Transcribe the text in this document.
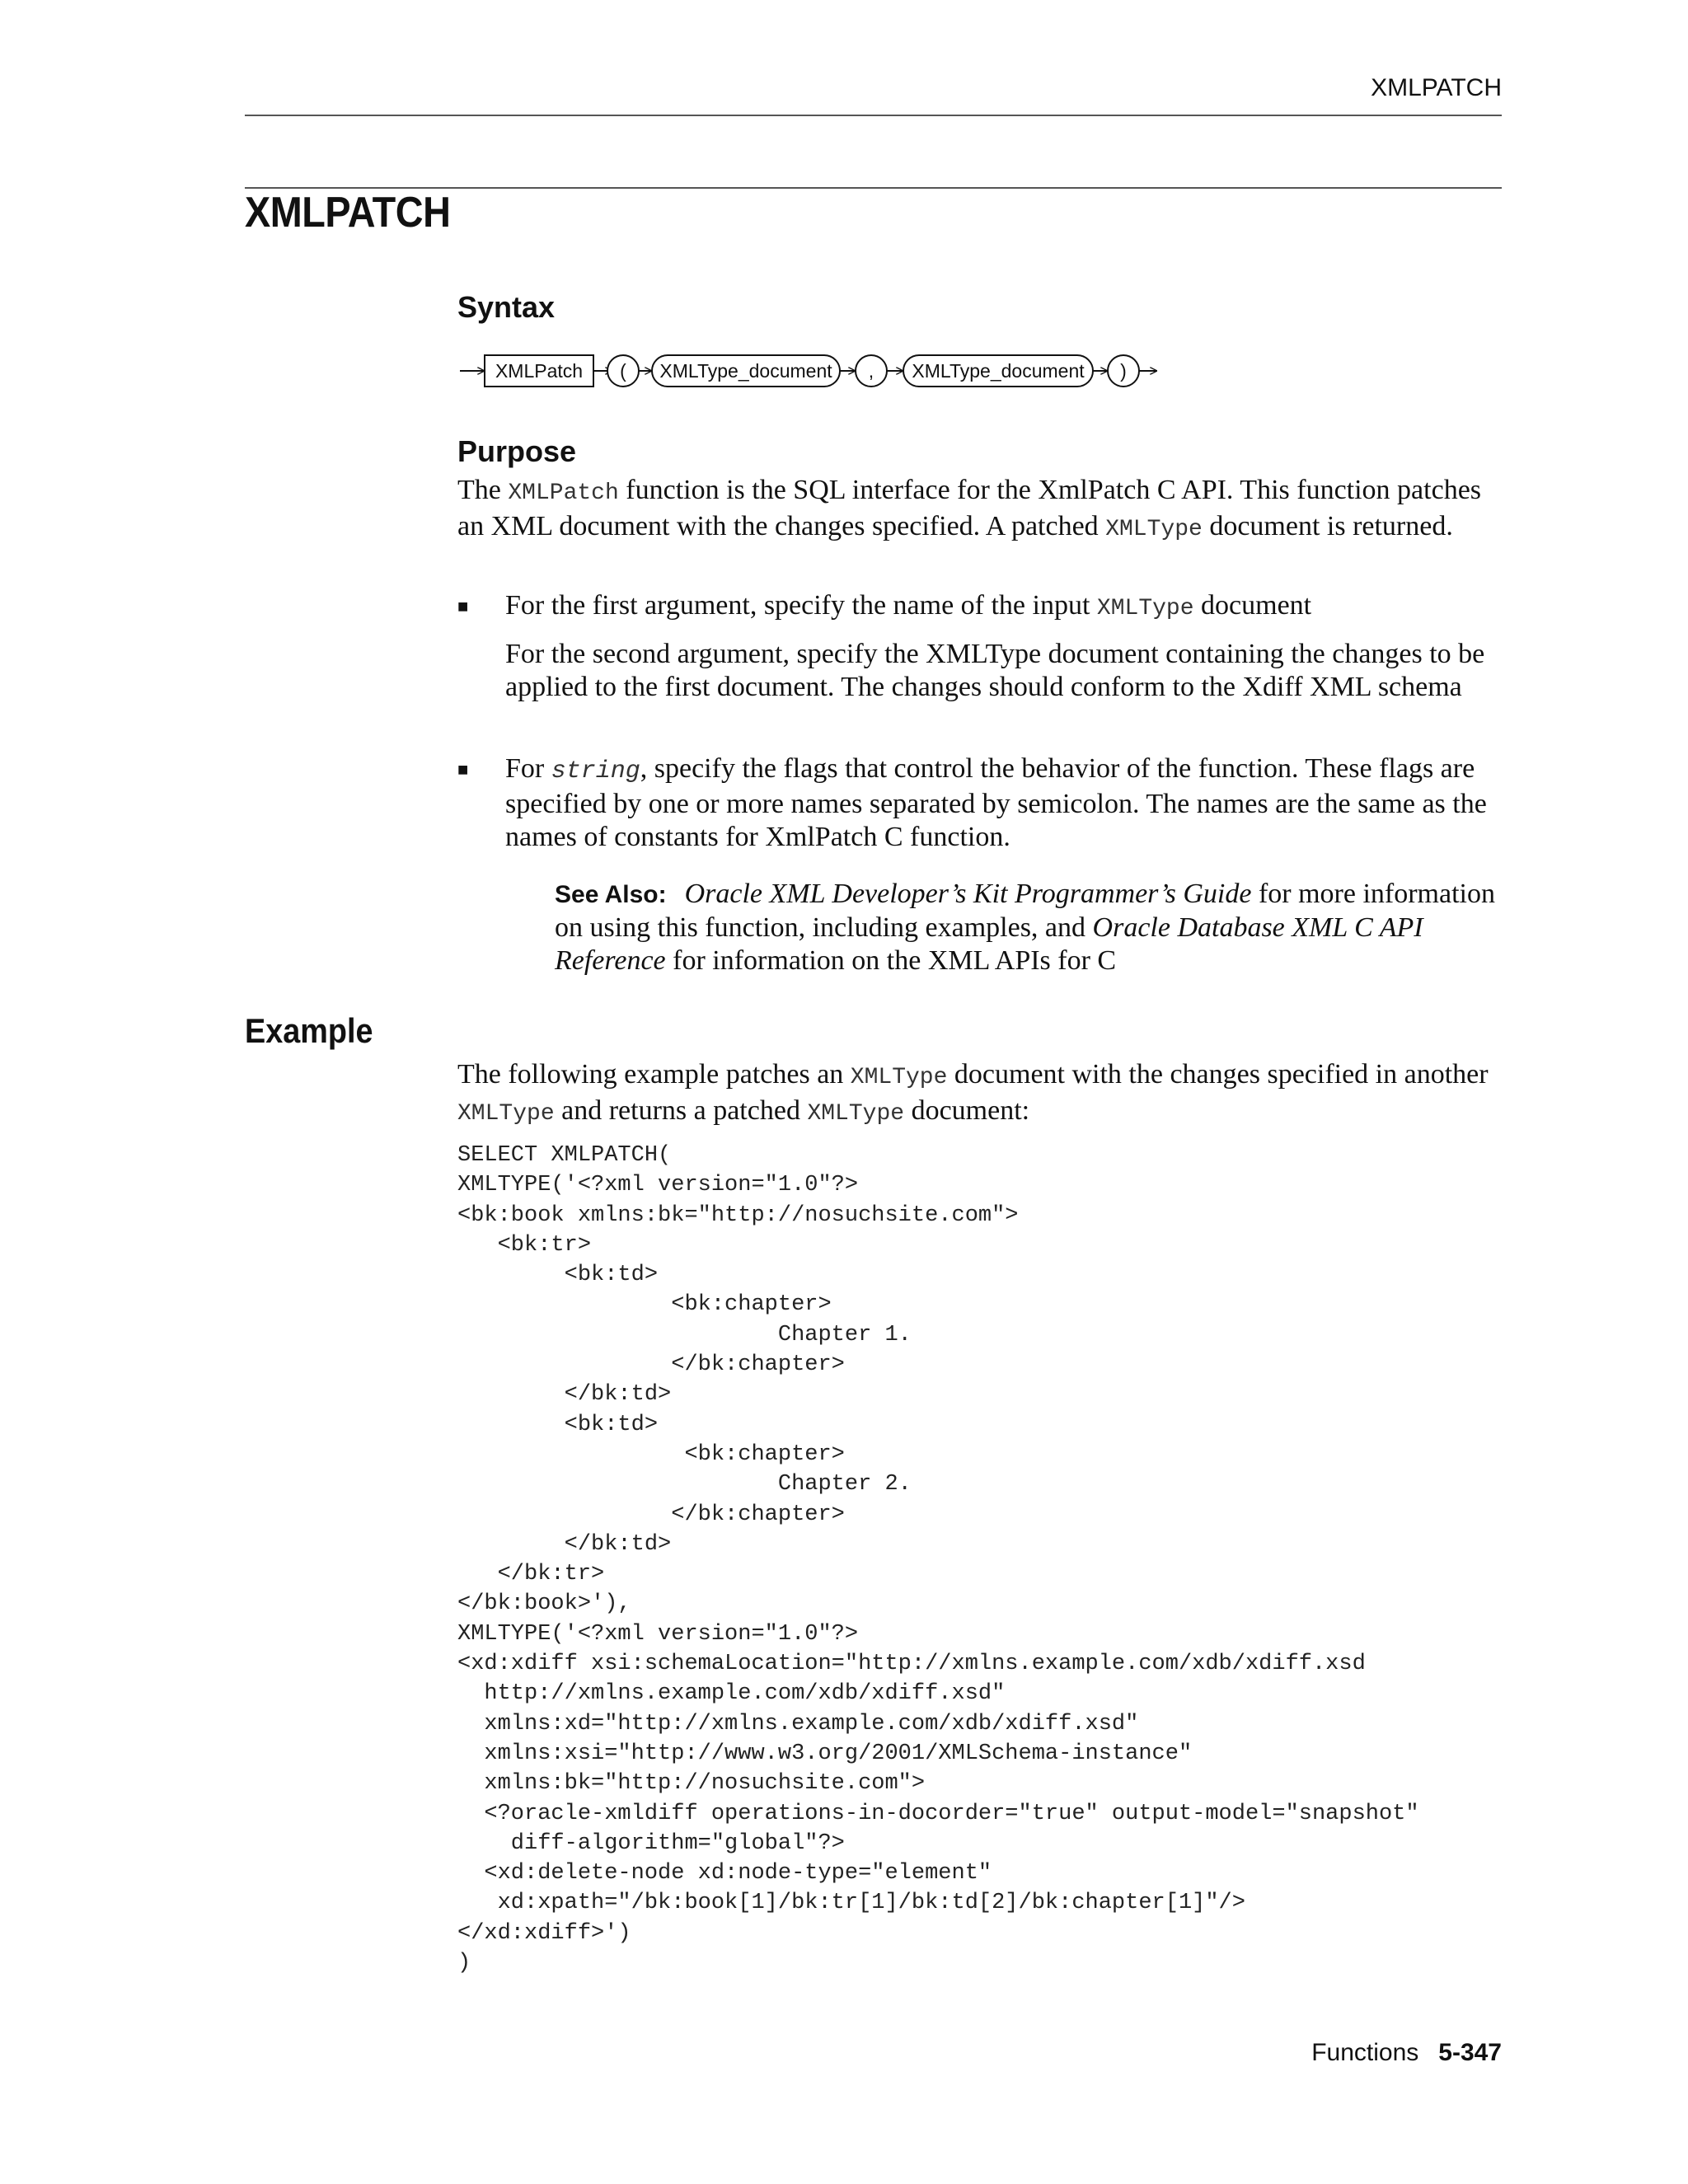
XMLPATCH
XMLPATCH
Syntax
XMLPatch ( XMLType_document , XMLType_document )
Purpose

The XMLPatch function is the SQL interface for the XmlPatch C API. This function patches an XML document with the changes specified. A patched XMLType document is returned.

■ For the first argument, specify the name of the input XMLType document

For the second argument, specify the XMLType document containing the changes to be applied to the first document. The changes should conform to the Xdiff XML schema

■ For string, specify the flags that control the behavior of the function. These flags are specified by one or more names separated by semicolon. The names are the same as the names of constants for XmlPatch C function.

See Also: Oracle XML Developer’s Kit Programmer’s Guide for more information on using this function, including examples, and Oracle Database XML C API Reference for information on the XML APIs for C

Example

The following example patches an XMLType document with the changes specified in another XMLType and returns a patched XMLType document:

SELECT XMLPATCH(
XMLTYPE('<?xml version="1.0"?>
<bk:book xmlns:bk="http://nosuchsite.com">
<bk:tr>
<bk:td>
<bk:chapter>
Chapter 1.
</bk:chapter>
</bk:td>
<bk:td>
<bk:chapter>
Chapter 2.
</bk:chapter>
</bk:td>
</bk:tr>
</bk:book>'),
XMLTYPE('<?xml version="1.0"?>
<xd:xdiff xsi:schemaLocation="http://xmlns.example.com/xdb/xdiff.xsd
http://xmlns.example.com/xdb/xdiff.xsd"
xmlns:xd="http://xmlns.example.com/xdb/xdiff.xsd"
xmlns:xsi="http://www.w3.org/2001/XMLSchema-instance"
xmlns:bk="http://nosuchsite.com">
<?oracle-xmldiff operations-in-docorder="true" output-model="snapshot"
diff-algorithm="global"?>
<xd:delete-node xd:node-type="element"
xd:xpath="/bk:book[1]/bk:tr[1]/bk:td[2]/bk:chapter[1]"/>
</xd:xdiff>')
)
Functions 5-347
